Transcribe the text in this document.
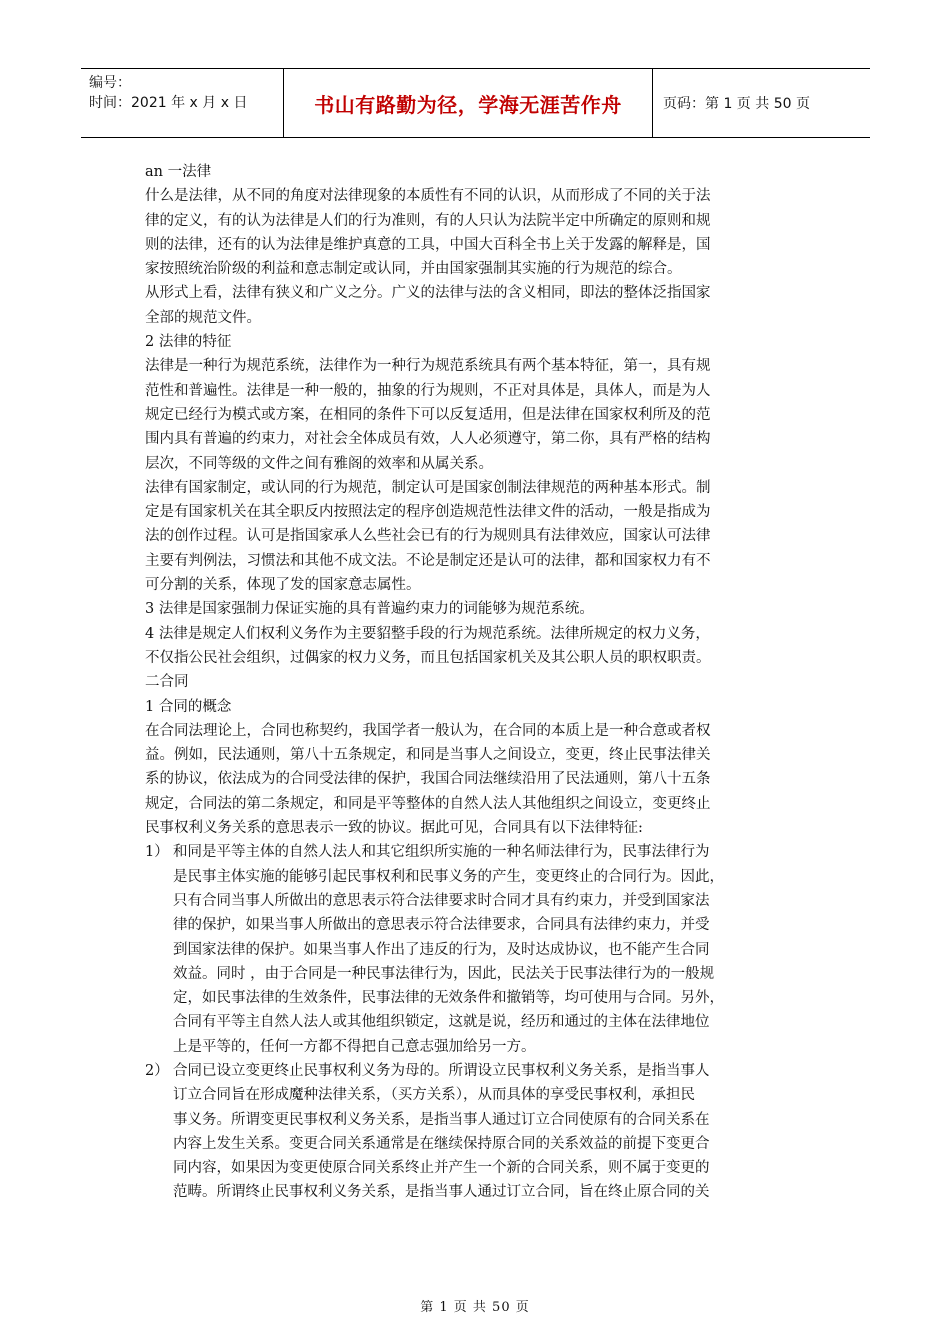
编号：
时间：2021 年 x 月 x 日	书山有路勤为径，学海无涯苦作舟	页码：第 1 页 共 50 页
an 一法律
什么是法律，从不同的角度对法律现象的本质性有不同的认识，从而形成了不同的关于法
律的定义，有的认为法律是人们的行为准则，有的人只认为法院半定中所确定的原则和规
则的法律，还有的认为法律是维护真意的工具，中国大百科全书上关于发露的解释是，国
家按照统治阶级的利益和意志制定或认同，并由国家强制其实施的行为规范的综合。
从形式上看，法律有狭义和广义之分。广义的法律与法的含义相同，即法的整体泛指国家
全部的规范文件。
2 法律的特征
法律是一种行为规范系统，法律作为一种行为规范系统具有两个基本特征，第一，具有规
范性和普遍性。法律是一种一般的，抽象的行为规则，不正对具体是，具体人，而是为人
规定已经行为模式或方案，在相同的条件下可以反复适用，但是法律在国家权利所及的范
围内具有普遍的约束力，对社会全体成员有效，人人必须遵守，第二你，具有严格的结构
层次，不同等级的文件之间有雅阁的效率和从属关系。
法律有国家制定，或认同的行为规范，制定认可是国家创制法律规范的两种基本形式。制
定是有国家机关在其全职反内按照法定的程序创造规范性法律文件的活动，一般是指成为
法的创作过程。认可是指国家承人么些社会已有的行为规则具有法律效应，国家认可法律
主要有判例法，习惯法和其他不成文法。不论是制定还是认可的法律，都和国家权力有不
可分割的关系，体现了发的国家意志属性。
3 法律是国家强制力保证实施的具有普遍约束力的词能够为规范系统。
4 法律是规定人们权利义务作为主要貂整手段的行为规范系统。法律所规定的权力义务，
不仅指公民社会组织，过偶家的权力义务，而且包括国家机关及其公职人员的职权职责。
二合同
1 合同的概念
在合同法理论上，合同也称契约，我国学者一般认为，在合同的本质上是一种合意或者权
益。例如，民法通则，第八十五条规定，和同是当事人之间设立，变更，终止民事法律关
系的协议，依法成为的合同受法律的保护，我国合同法继续沿用了民法通则，第八十五条
规定，合同法的第二条规定，和同是平等整体的自然人法人其他组织之间设立，变更终止
民事权利义务关系的意思表示一致的协议。据此可见，合同具有以下法律特征:
1） 和同是平等主体的自然人法人和其它组织所实施的一种名师法律行为，民事法律行为
是民事主体实施的能够引起民事权利和民事义务的产生，变更终止的合同行为。因此，
只有合同当事人所做出的意思表示符合法律要求时合同才具有约束力，并受到国家法
律的保护，如果当事人所做出的意思表示符合法律要求，合同具有法律约束力，并受
到国家法律的保护。如果当事人作出了违反的行为，及时达成协议，也不能产生合同
效益。同时 ，由于合同是一种民事法律行为，因此，民法关于民事法律行为的一般规
定，如民事法律的生效条件，民事法律的无效条件和撤销等，均可使用与合同。另外，
合同有平等主自然人法人或其他组织锁定，这就是说，经历和通过的主体在法律地位
上是平等的，任何一方都不得把自己意志强加给另一方。
2） 合同已设立变更终止民事权利义务为母的。所谓设立民事权利义务关系，是指当事人
订立合同旨在形成魔种法律关系，（买方关系），从而具体的享受民事权利，承担民
事义务。所谓变更民事权利义务关系，是指当事人通过订立合同使原有的合同关系在
内容上发生关系。变更合同关系通常是在继续保持原合同的关系效益的前提下变更合
同内容，如果因为变更使原合同关系终止并产生一个新的合同关系，则不属于变更的
范畴。所谓终止民事权利义务关系，是指当事人通过订立合同，旨在终止原合同的关
第 1 页 共 50 页
